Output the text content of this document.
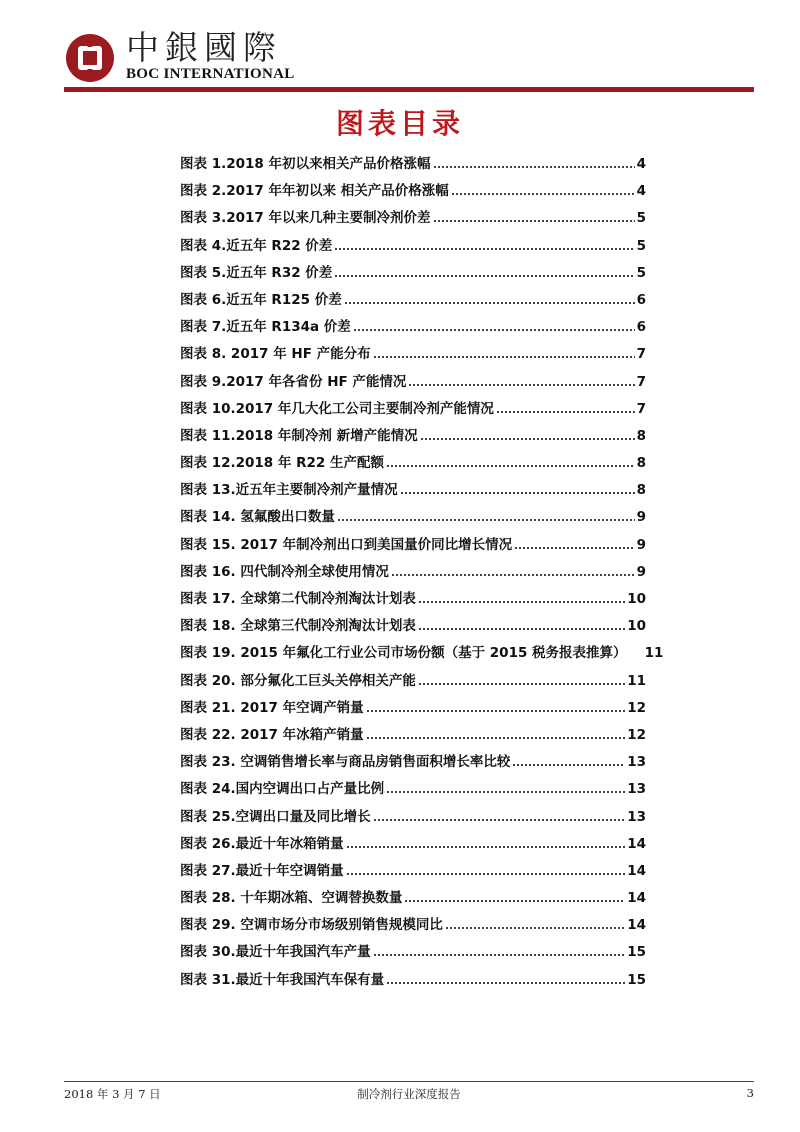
中銀國際
BOC INTERNATIONAL
图表目录
图表 1.2018 年初以来相关产品价格涨幅	4
图表 2.2017 年年初以来 相关产品价格涨幅	4
图表 3.2017 年以来几种主要制冷剂价差	5
图表 4.近五年 R22 价差	5
图表 5.近五年 R32 价差	5
图表 6.近五年 R125 价差	6
图表 7.近五年 R134a 价差	6
图表 8. 2017 年 HF 产能分布	7
图表 9.2017 年各省份 HF 产能情况	7
图表 10.2017 年几大化工公司主要制冷剂产能情况	7
图表 11.2018 年制冷剂 新增产能情况	8
图表 12.2018 年 R22 生产配额	8
图表 13.近五年主要制冷剂产量情况	8
图表 14. 氢氟酸出口数量	9
图表 15. 2017 年制冷剂出口到美国量价同比增长情况	9
图表 16. 四代制冷剂全球使用情况	9
图表 17. 全球第二代制冷剂淘汰计划表	10
图表 18. 全球第三代制冷剂淘汰计划表	10
图表 19. 2015 年氟化工行业公司市场份额（基于 2015 税务报表推算） 11
图表 20. 部分氟化工巨头关停相关产能	11
图表 21. 2017 年空调产销量	12
图表 22. 2017 年冰箱产销量	12
图表 23. 空调销售增长率与商品房销售面积增长率比较	13
图表 24.国内空调出口占产量比例	13
图表 25.空调出口量及同比增长	13
图表 26.最近十年冰箱销量	14
图表 27.最近十年空调销量	14
图表 28. 十年期冰箱、空调替换数量	14
图表 29. 空调市场分市场级别销售规模同比	14
图表 30.最近十年我国汽车产量	15
图表 31.最近十年我国汽车保有量	15
2018 年 3 月 7 日	制冷剂行业深度报告	3
